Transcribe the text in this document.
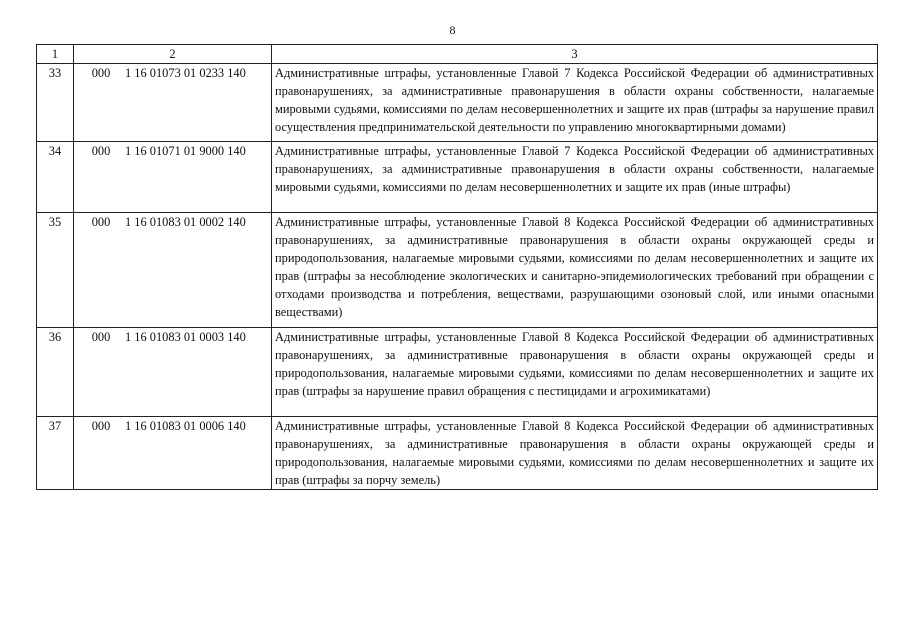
8
1	2	3
33	000 1 16 01073 01 0233 140	Административные штрафы, установленные Главой 7 Кодекса Российской Федерации об административных правонарушениях, за административные правонарушения в области охраны собственности, налагаемые мировыми судьями, комиссиями по делам несовершеннолетних и защите их прав (штрафы за нарушение правил осуществления предпринимательской деятельности по управлению многоквартирными домами)

34	000 1 16 01071 01 9000 140	Административные штрафы, установленные Главой 7 Кодекса Российской Федерации об административных правонарушениях, за административные правонарушения в области охраны собственности, налагаемые мировыми судьями, комиссиями по делам несовершеннолетних и защите их прав (иные штрафы)

35	000 1 16 01083 01 0002 140	Административные штрафы, установленные Главой 8 Кодекса Российской Федерации об административных правонарушениях, за административные правонарушения в области охраны окружающей среды и природопользования, налагаемые мировыми судьями, комиссиями по делам несовершеннолетних и защите их прав (штрафы за несоблюдение экологических и санитарно-эпидемиологических требований при обращении с отходами производства и потребления, веществами, разрушающими озоновый слой, или иными опасными веществами)

36	000 1 16 01083 01 0003 140	Административные штрафы, установленные Главой 8 Кодекса Российской Федерации об административных правонарушениях, за административные правонарушения в области охраны окружающей среды и природопользования, налагаемые мировыми судьями, комиссиями по делам несовершеннолетних и защите их прав (штрафы за нарушение правил обращения с пестицидами и агрохимикатами)

37	000 1 16 01083 01 0006 140	Административные штрафы, установленные Главой 8 Кодекса Российской Федерации об административных правонарушениях, за административные правонарушения в области охраны окружающей среды и природопользования, налагаемые мировыми судьями, комиссиями по делам несовершеннолетних и защите их прав (штрафы за порчу земель)
